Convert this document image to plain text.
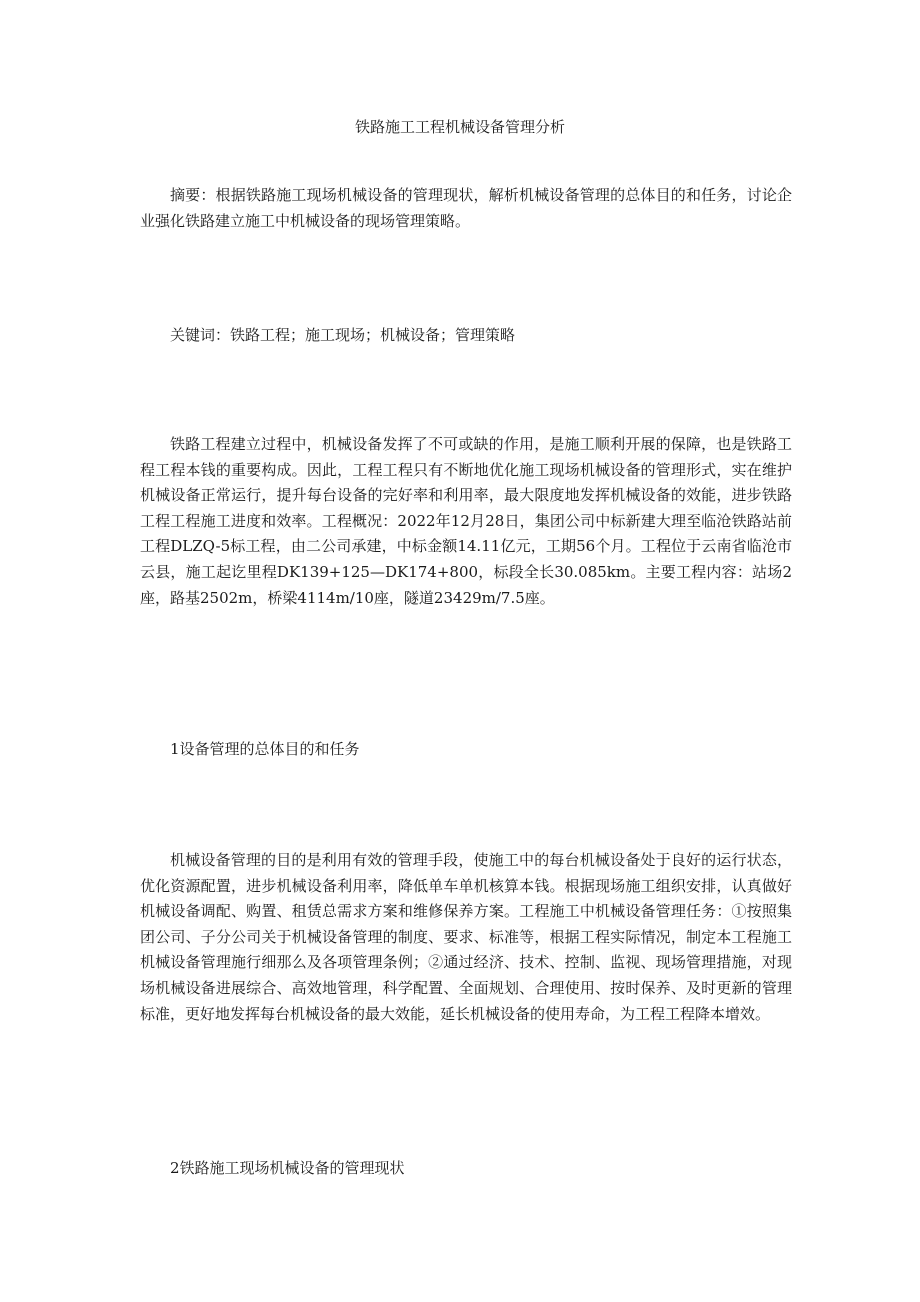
铁路施工工程机械设备管理分析

摘要：根据铁路施工现场机械设备的管理现状，解析机械设备管理的总体目的和任务，讨论企业强化铁路建立施工中机械设备的现场管理策略。

关键词：铁路工程；施工现场；机械设备；管理策略

铁路工程建立过程中，机械设备发挥了不可或缺的作用，是施工顺利开展的保障，也是铁路工程工程本钱的重要构成。因此，工程工程只有不断地优化施工现场机械设备的管理形式，实在维护机械设备正常运行，提升每台设备的完好率和利用率，最大限度地发挥机械设备的效能，进步铁路工程工程施工进度和效率。工程概况：2022年12月28日，集团公司中标新建大理至临沧铁路站前工程DLZQ-5标工程，由二公司承建，中标金额14.11亿元，工期56个月。工程位于云南省临沧市云县，施工起讫里程DK139+125—DK174+800，标段全长30.085km。主要工程内容：站场2座，路基2502m，桥梁4114m/10座，隧道23429m/7.5座。

1设备管理的总体目的和任务

机械设备管理的目的是利用有效的管理手段，使施工中的每台机械设备处于良好的运行状态，优化资源配置，进步机械设备利用率，降低单车单机核算本钱。根据现场施工组织安排，认真做好机械设备调配、购置、租赁总需求方案和维修保养方案。工程施工中机械设备管理任务：①按照集团公司、子分公司关于机械设备管理的制度、要求、标准等，根据工程实际情况，制定本工程施工机械设备管理施行细那么及各项管理条例；②通过经济、技术、控制、监视、现场管理措施，对现场机械设备进展综合、高效地管理，科学配置、全面规划、合理使用、按时保养、及时更新的管理标准，更好地发挥每台机械设备的最大效能，延长机械设备的使用寿命，为工程工程降本增效。

2铁路施工现场机械设备的管理现状
